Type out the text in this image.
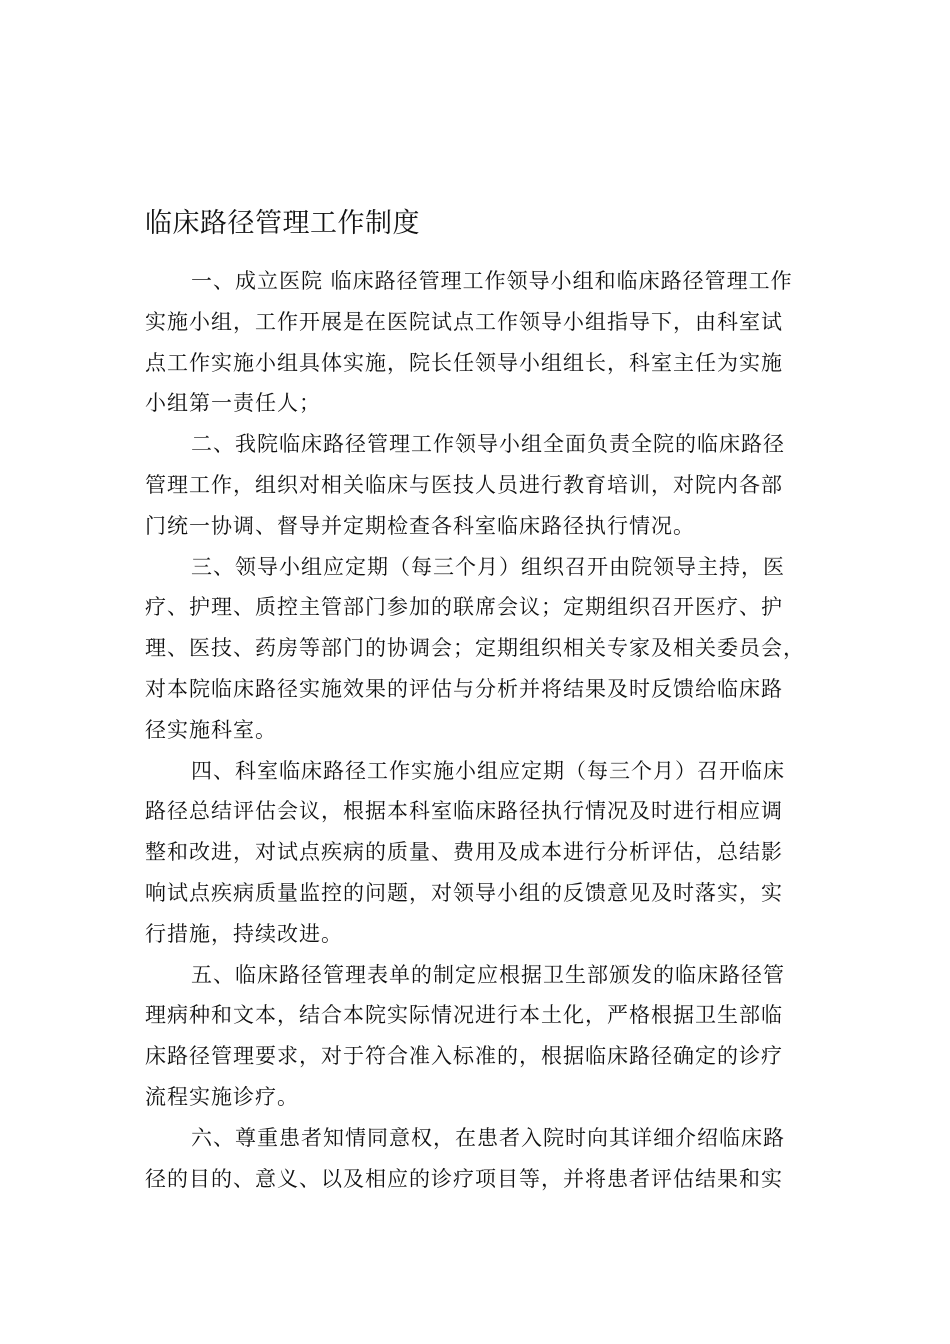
临床路径管理工作制度
一、成立医院 临床路径管理工作领导小组和临床路径管理工作
实施小组，工作开展是在医院试点工作领导小组指导下，由科室试
点工作实施小组具体实施，院长任领导小组组长，科室主任为实施
小组第一责任人；
二、我院临床路径管理工作领导小组全面负责全院的临床路径
管理工作，组织对相关临床与医技人员进行教育培训，对院内各部
门统一协调、督导并定期检查各科室临床路径执行情况。
三、领导小组应定期（每三个月）组织召开由院领导主持，医
疗、护理、质控主管部门参加的联席会议；定期组织召开医疗、护
理、医技、药房等部门的协调会；定期组织相关专家及相关委员会，
对本院临床路径实施效果的评估与分析并将结果及时反馈给临床路
径实施科室。
四、科室临床路径工作实施小组应定期（每三个月）召开临床
路径总结评估会议，根据本科室临床路径执行情况及时进行相应调
整和改进，对试点疾病的质量、费用及成本进行分析评估，总结影
响试点疾病质量监控的问题，对领导小组的反馈意见及时落实，实
行措施，持续改进。
五、临床路径管理表单的制定应根据卫生部颁发的临床路径管
理病种和文本，结合本院实际情况进行本土化，严格根据卫生部临
床路径管理要求，对于符合准入标准的，根据临床路径确定的诊疗
流程实施诊疗。
六、尊重患者知情同意权，在患者入院时向其详细介绍临床路
径的目的、意义、以及相应的诊疗项目等，并将患者评估结果和实
